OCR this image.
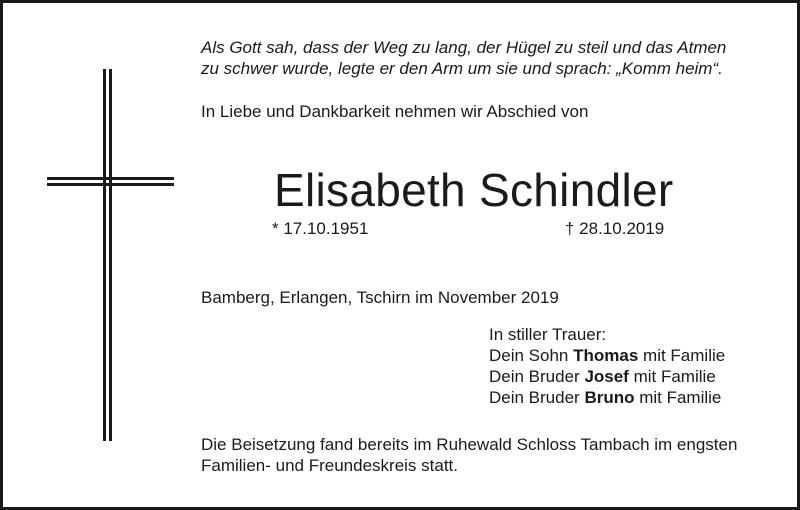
Als Gott sah, dass der Weg zu lang, der Hügel zu steil und das Atmen
zu schwer wurde, legte er den Arm um sie und sprach: „Komm heim“.
In Liebe und Dankbarkeit nehmen wir Abschied von
Elisabeth Schindler
* 17.10.1951	† 28.10.2019
Bamberg, Erlangen, Tschirn im November 2019
In stiller Trauer:
Dein Sohn Thomas mit Familie
Dein Bruder Josef mit Familie
Dein Bruder Bruno mit Familie
Die Beisetzung fand bereits im Ruhewald Schloss Tambach im engsten
Familien- und Freundeskreis statt.
